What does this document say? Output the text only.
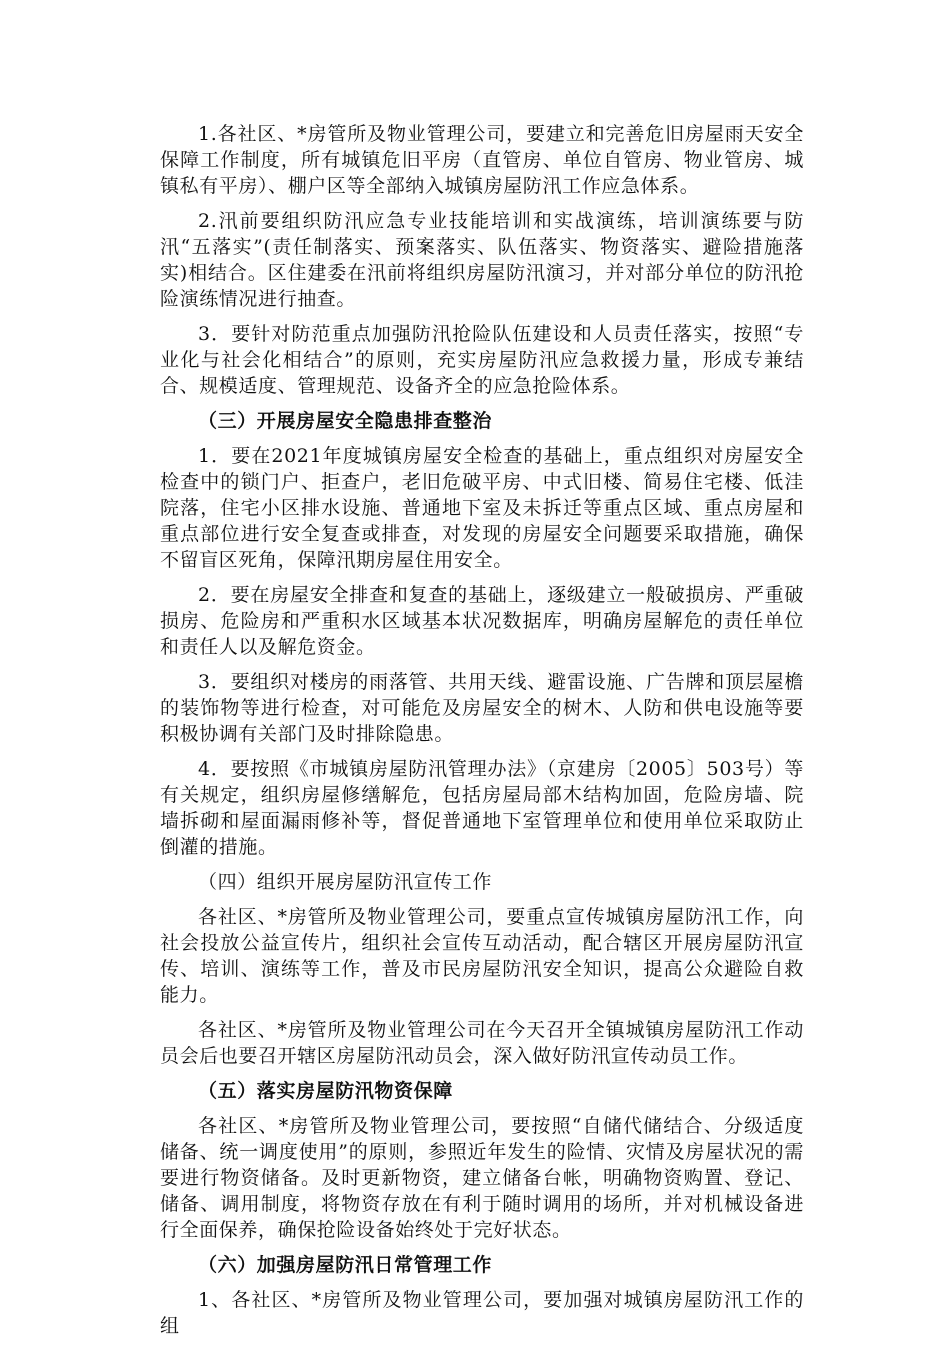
1.各社区、*房管所及物业管理公司，要建立和完善危旧房屋雨天安全保障工作制度，所有城镇危旧平房（直管房、单位自管房、物业管房、城镇私有平房）、棚户区等全部纳入城镇房屋防汛工作应急体系。

2.汛前要组织防汛应急专业技能培训和实战演练，培训演练要与防汛“五落实”(责任制落实、预案落实、队伍落实、物资落实、避险措施落实)相结合。区住建委在汛前将组织房屋防汛演习，并对部分单位的防汛抢险演练情况进行抽查。

3．要针对防范重点加强防汛抢险队伍建设和人员责任落实，按照“专业化与社会化相结合”的原则，充实房屋防汛应急救援力量，形成专兼结合、规模适度、管理规范、设备齐全的应急抢险体系。

（三）开展房屋安全隐患排查整治

1．要在2021年度城镇房屋安全检查的基础上，重点组织对房屋安全检查中的锁门户、拒查户，老旧危破平房、中式旧楼、简易住宅楼、低洼院落，住宅小区排水设施、普通地下室及未拆迁等重点区域、重点房屋和重点部位进行安全复查或排查，对发现的房屋安全问题要采取措施，确保不留盲区死角，保障汛期房屋住用安全。

2．要在房屋安全排查和复查的基础上，逐级建立一般破损房、严重破损房、危险房和严重积水区域基本状况数据库，明确房屋解危的责任单位和责任人以及解危资金。

3．要组织对楼房的雨落管、共用天线、避雷设施、广告牌和顶层屋檐的装饰物等进行检查，对可能危及房屋安全的树木、人防和供电设施等要积极协调有关部门及时排除隐患。

4．要按照《市城镇房屋防汛管理办法》（京建房〔2005〕503号）等有关规定，组织房屋修缮解危，包括房屋局部木结构加固，危险房墙、院墙拆砌和屋面漏雨修补等，督促普通地下室管理单位和使用单位采取防止倒灌的措施。

（四）组织开展房屋防汛宣传工作

各社区、*房管所及物业管理公司，要重点宣传城镇房屋防汛工作，向社会投放公益宣传片，组织社会宣传互动活动，配合辖区开展房屋防汛宣传、培训、演练等工作，普及市民房屋防汛安全知识，提高公众避险自救能力。

各社区、*房管所及物业管理公司在今天召开全镇城镇房屋防汛工作动员会后也要召开辖区房屋防汛动员会，深入做好防汛宣传动员工作。

（五）落实房屋防汛物资保障

各社区、*房管所及物业管理公司，要按照“自储代储结合、分级适度储备、统一调度使用”的原则，参照近年发生的险情、灾情及房屋状况的需要进行物资储备。及时更新物资，建立储备台帐，明确物资购置、登记、储备、调用制度，将物资存放在有利于随时调用的场所，并对机械设备进行全面保养，确保抢险设备始终处于完好状态。

（六）加强房屋防汛日常管理工作

1、各社区、*房管所及物业管理公司，要加强对城镇房屋防汛工作的组
